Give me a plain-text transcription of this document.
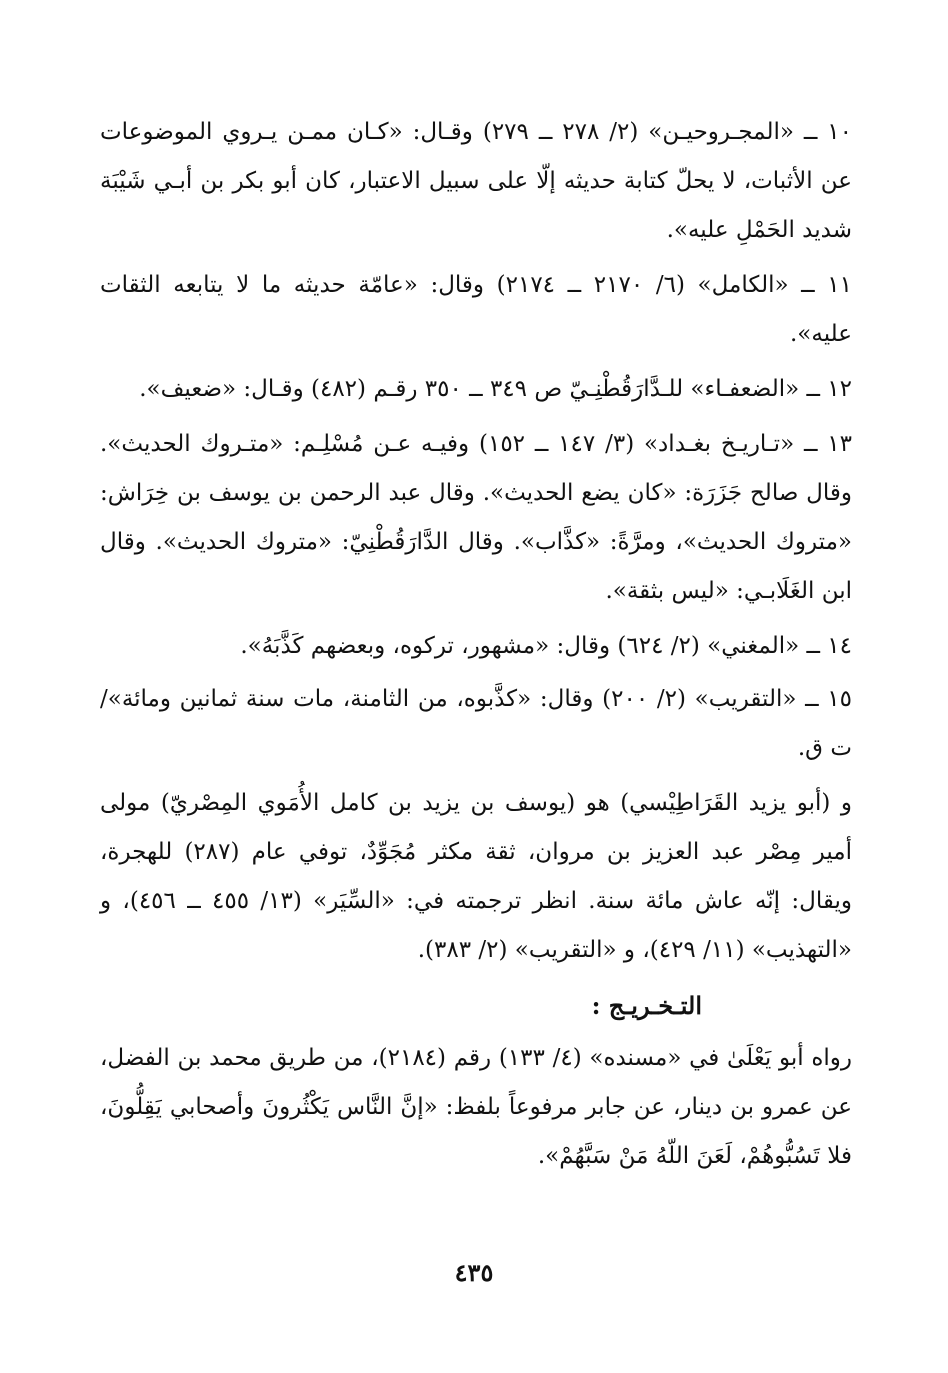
١٠ ــ «المجـروحيـن» (٢/ ٢٧٨ ــ ٢٧٩) وقـال: «كـان ممـن يـروي الموضوعات عن الأثبات، لا يحلّ كتابة حديثه إلّا على سبيل الاعتبار، كان أبو بكر بن أبـي شَيْبَة شديد الحَمْلِ عليه».

١١ ــ «الكامل» (٦/ ٢١٧٠ ــ ٢١٧٤) وقال: «عامّة حديثه ما لا يتابعه الثقات عليه».

١٢ ــ «الضعفـاء» للـدَّارَقُطْنِـيّ ص ٣٤٩ ــ ٣٥٠ رقـم (٤٨٢) وقـال: «ضعيف».

١٣ ــ «تـاريـخ بغـداد» (٣/ ١٤٧ ــ ١٥٢) وفيـه عـن مُسْلِـم: «متـروك الحديث». وقال صالح جَزَرَة: «كان يضع الحديث». وقال عبد الرحمن بن يوسف بن خِرَاش: «متروك الحديث»، ومرَّةً: «كذَّاب». وقال الدَّارَقُطْنِيّ: «متروك الحديث». وقال ابن الغَلَابـي: «ليس بثقة».

١٤ ــ «المغني» (٢/ ٦٢٤) وقال: «مشهور، تركوه، وبعضهم كَذَّبَهُ».

١٥ ــ «التقريب» (٢/ ٢٠٠) وقال: «كذَّبوه، من الثامنة، مات سنة ثمانين ومائة»/ ت ق.

و (أبو يزيد القَرَاطِيْسي) هو (يوسف بن يزيد بن كامل الأُمَوي المِصْريّ) مولى أمير مِصْر عبد العزيز بن مروان، ثقة مكثر مُجَوِّدٌ، توفي عام (٢٨٧) للهجرة، ويقال: إنّه عاش مائة سنة. انظر ترجمته في: «السِّيَر» (١٣/ ٤٥٥ ــ ٤٥٦)، و «التهذيب» (١١/ ٤٢٩)، و «التقريب» (٢/ ٣٨٣).

التـخـريـج :

رواه أبو يَعْلَىٰ في «مسنده» (٤/ ١٣٣) رقم (٢١٨٤)، من طريق محمد بن الفضل، عن عمرو بن دينار، عن جابر مرفوعاً بلفظ: «إنَّ النَّاس يَكْثُرونَ وأصحابي يَقِلُّونَ، فلا تَسُبُّوهُمْ، لَعَنَ اللّهُ مَنْ سَبَّهُمْ».

٤٣٥
